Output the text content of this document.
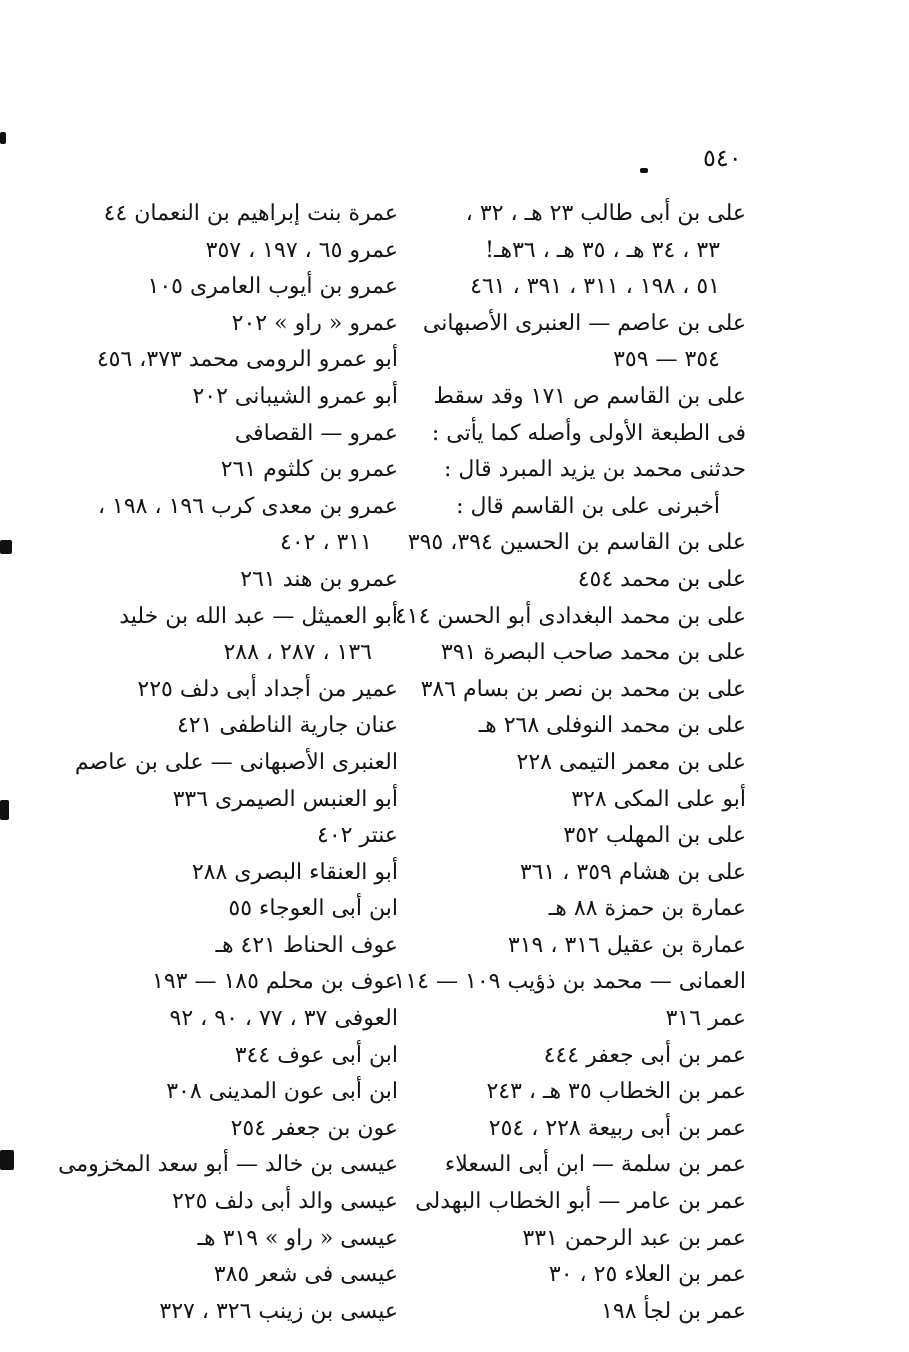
٥٤٠
على بن أبى طالب ٢٣ هـ ، ٣٢ ،
٣٣ ، ٣٤ هـ ، ٣٥ هـ ، ٣٦هـ!
٥١ ، ١٩٨ ، ٣١١ ، ٣٩١ ، ٤٦١
على بن عاصم — العنبرى الأصبهانى
٣٥٤ — ٣٥٩
على بن القاسم ص ١٧١ وقد سقط
فى الطبعة الأولى وأصله كما يأتى :
حدثنى محمد بن يزيد المبرد قال :
أخبرنى على بن القاسم قال :
على بن القاسم بن الحسين ٣٩٤، ٣٩٥
على بن محمد ٤٥٤
على بن محمد البغدادى أبو الحسن ٤١٤
على بن محمد صاحب البصرة ٣٩١
على بن محمد بن نصر بن بسام ٣٨٦
على بن محمد النوفلى ٢٦٨ هـ
على بن معمر التيمى ٢٢٨
أبو على المكى ٣٢٨
على بن المهلب ٣٥٢
على بن هشام ٣٥٩ ، ٣٦١
عمارة بن حمزة ٨٨ هـ
عمارة بن عقيل ٣١٦ ، ٣١٩
العمانى — محمد بن ذؤيب ١٠٩ — ١١٤
عمر ٣١٦
عمر بن أبى جعفر ٤٤٤
عمر بن الخطاب ٣٥ هـ ، ٢٤٣
عمر بن أبى ربيعة ٢٢٨ ، ٢٥٤
عمر بن سلمة — ابن أبى السعلاء
عمر بن عامر — أبو الخطاب البهدلى
عمر بن عبد الرحمن ٣٣١
عمر بن العلاء ٢٥ ، ٣٠
عمر بن لجأ ١٩٨
عمرة بنت إبراهيم بن النعمان ٤٤
عمرو ٦٥ ، ١٩٧ ، ٣٥٧
عمرو بن أيوب العامرى ١٠٥
عمرو « راو » ٢٠٢
أبو عمرو الرومى محمد ٣٧٣، ٤٥٦
أبو عمرو الشيبانى ٢٠٢
عمرو — القصافى
عمرو بن كلثوم ٢٦١
عمرو بن معدى كرب ١٩٦ ، ١٩٨ ،
٣١١ ، ٤٠٢
عمرو بن هند ٢٦١
أبو العميثل — عبد الله بن خليد
١٣٦ ، ٢٨٧ ، ٢٨٨
عمير من أجداد أبى دلف ٢٢٥
عنان جارية الناطفى ٤٢١
العنبرى الأصبهانى — على بن عاصم
أبو العنبس الصيمرى ٣٣٦
عنتر ٤٠٢
أبو العنقاء البصرى ٢٨٨
ابن أبى العوجاء ٥٥
عوف الحناط ٤٢١ هـ
عوف بن محلم ١٨٥ — ١٩٣
العوفى ٣٧ ، ٧٧ ، ٩٠ ، ٩٢
ابن أبى عوف ٣٤٤
ابن أبى عون المدينى ٣٠٨
عون بن جعفر ٢٥٤
عيسى بن خالد — أبو سعد المخزومى
عيسى والد أبى دلف ٢٢٥
عيسى « راو » ٣١٩ هـ
عيسى فى شعر ٣٨٥
عيسى بن زينب ٣٢٦ ، ٣٢٧
